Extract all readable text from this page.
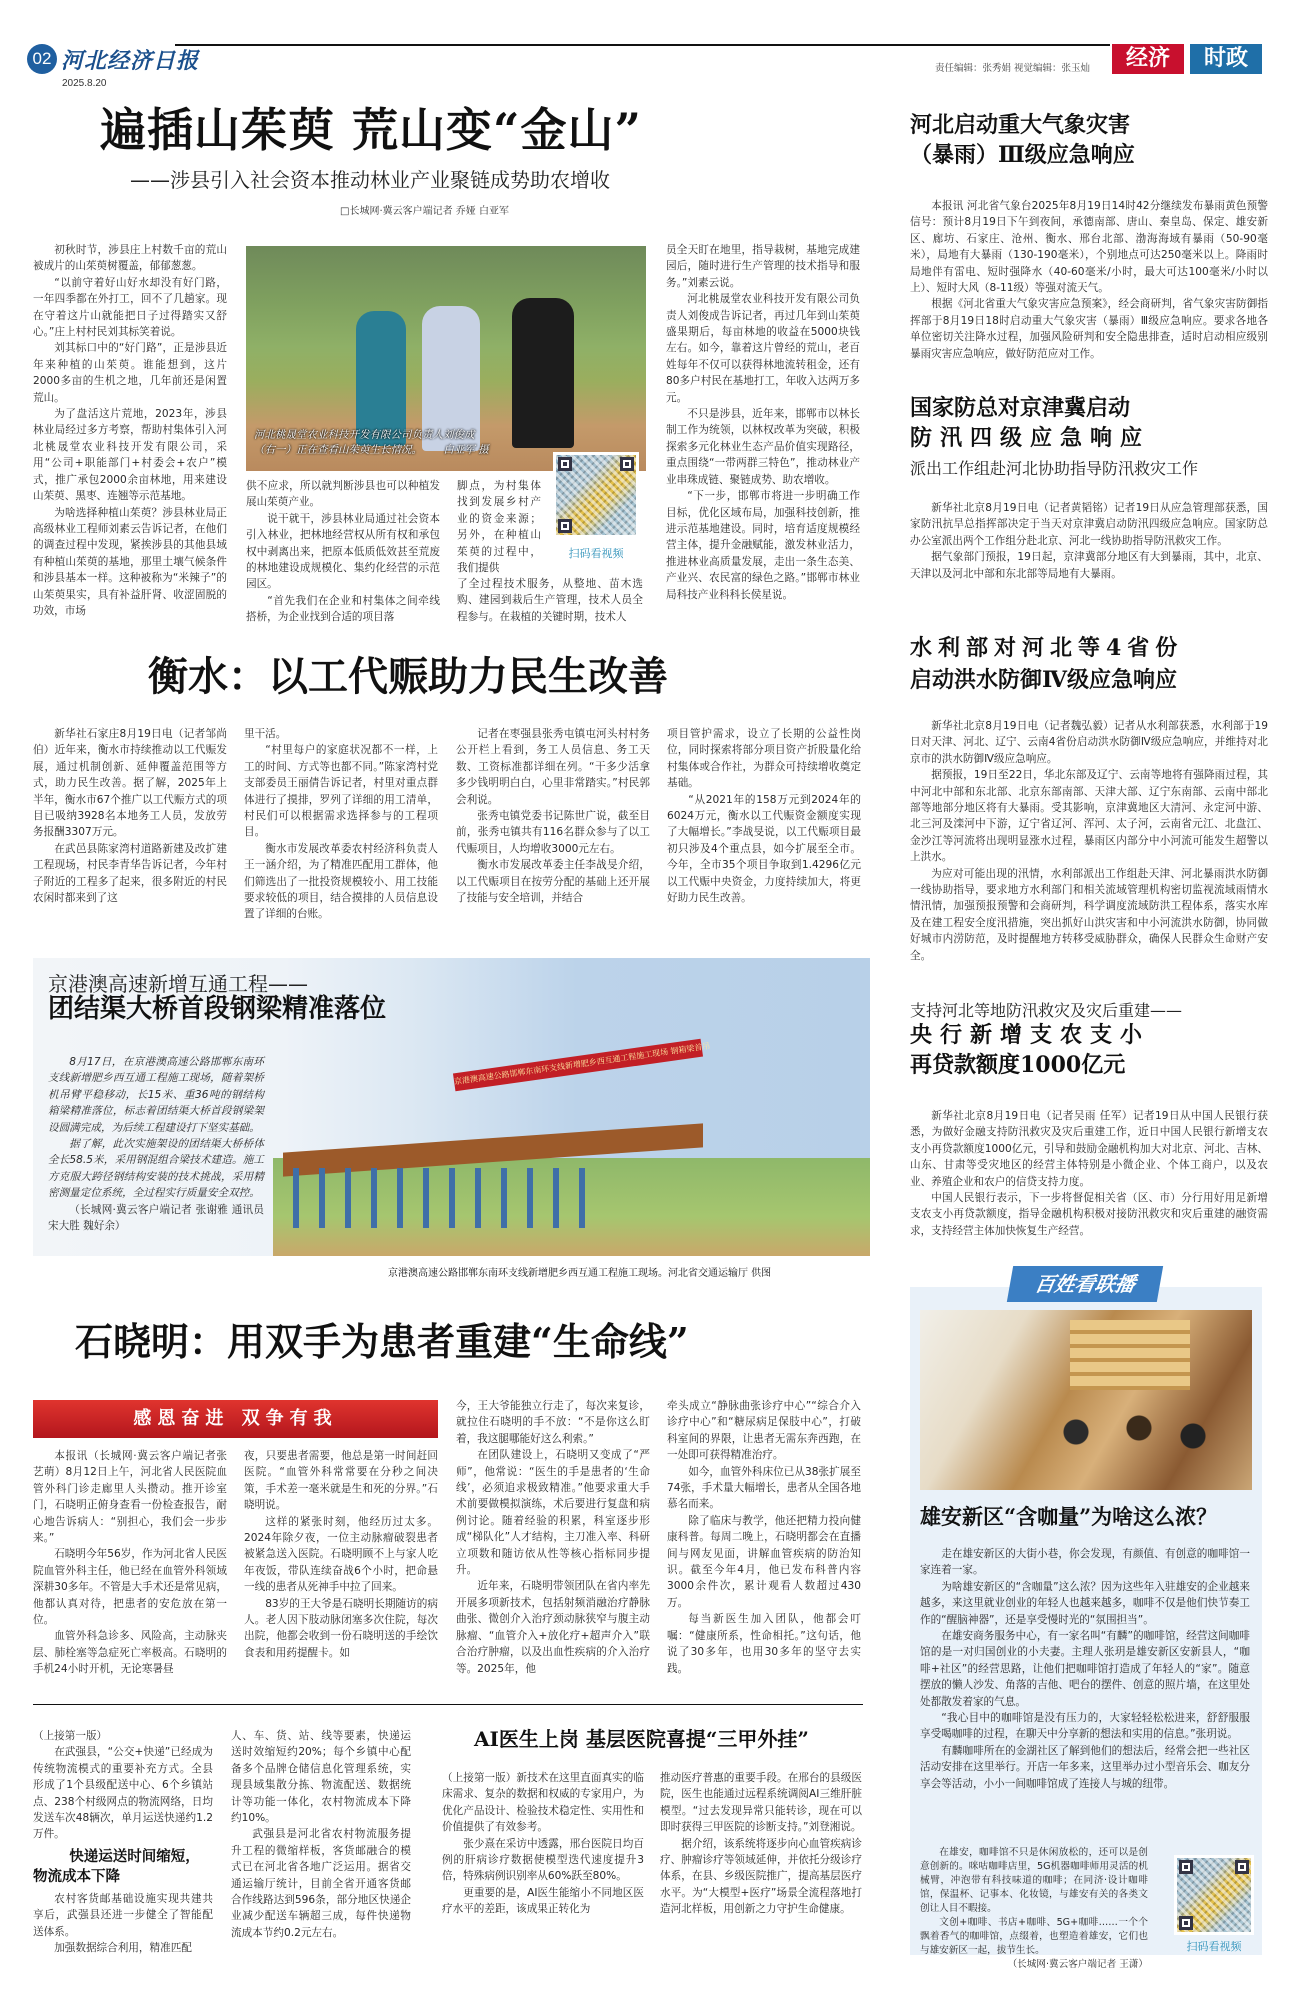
02 河北经济日报
2025.8.20
责任编辑：张秀娟 视觉编辑：张玉灿	经济	时政
遍插山茱萸 荒山变“金山”
——涉县引入社会资本推动林业产业聚链成势助农增收
□长城网·冀云客户端记者 乔娅 白亚军

初秋时节，涉县庄上村数千亩的荒山被成片的山茱萸树覆盖，郁郁葱葱。

“以前守着好山好水却没有好门路，一年四季都在外打工，回不了几趟家。现在守着这片山就能把日子过得踏实又舒心。”庄上村村民刘其标笑着说。

刘其标口中的“好门路”，正是涉县近年来种植的山茱萸。谁能想到，这片2000多亩的生机之地，几年前还是闲置荒山。

为了盘活这片荒地，2023年，涉县林业局经过多方考察，帮助村集体引入河北桃晟堂农业科技开发有限公司，采用“公司+职能部门+村委会+农户”模式，推广承包2000余亩林地，用来建设山茱萸、黑枣、连翘等示范基地。

为啥选择种植山茱萸？涉县林业局正高级林业工程师刘素云告诉记者，在他们的调查过程中发现，紧挨涉县的其他县域有种植山茱萸的基地，那里土壤气候条件和涉县基本一样。这种被称为“米辣子”的山茱萸果实，具有补益肝肾、收涩固脱的功效，市场

河北桃晟堂农业科技开发有限公司负责人刘俊成
（右一）正在查看山茱萸生长情况。 白亚军 摄
扫码看视频

供不应求，所以就判断涉县也可以种植发展山茱萸产业。

说干就干，涉县林业局通过社会资本引入林业，把林地经营权从所有权和承包权中剥离出来，把原本低质低效甚至荒废的林地建设成规模化、集约化经营的示范园区。

“首先我们在企业和村集体之间牵线搭桥，为企业找到合适的项目落

脚点，为村集体找到发展乡村产业的资金来源；另外，在种植山茱萸的过程中，我们提供

了全过程技术服务，从整地、苗木选购、建园到栽后生产管理，技术人员全程参与。在栽植的关键时期，技术人

员全天盯在地里，指导栽树，基地完成建园后，随时进行生产管理的技术指导和服务。”刘素云说。

河北桃晟堂农业科技开发有限公司负责人刘俊成告诉记者，再过几年到山茱萸盛果期后，每亩林地的收益在5000块钱左右。如今，靠着这片曾经的荒山，老百姓每年不仅可以获得林地流转租金，还有80多户村民在基地打工，年收入达两万多元。

不只是涉县，近年来，邯郸市以林长制工作为统领，以林权改革为突破，积极探索多元化林业生态产品价值实现路径，重点围绕“一带两群三特色”，推动林业产业串珠成链、聚链成势、助农增收。

“下一步，邯郸市将进一步明确工作目标，优化区域布局，加强科技创新，推进示范基地建设。同时，培育适度规模经营主体，提升金融赋能，激发林业活力，推进林业高质量发展，走出一条生态美、产业兴、农民富的绿色之路。”邯郸市林业局科技产业科科长侯星说。

衡水：以工代赈助力民生改善

新华社石家庄8月19日电（记者邹尚伯）近年来，衡水市持续推动以工代赈发展，通过机制创新、延伸覆盖范围等方式，助力民生改善。据了解，2025年上半年，衡水市67个推广以工代赈方式的项目已吸纳3928名本地务工人员，发放劳务报酬3307万元。

在武邑县陈家湾村道路新建及改扩建工程现场，村民李青华告诉记者，今年村子附近的工程多了起来，很多附近的村民农闲时都来到了这

里干活。

“村里每户的家庭状况都不一样，上工的时间、方式等也都不同。”陈家湾村党支部委员王丽倩告诉记者，村里对重点群体进行了摸排，罗列了详细的用工清单，村民们可以根据需求选择参与的工程项目。

衡水市发展改革委农村经济科负责人王一涵介绍，为了精准匹配用工群体，他们筛选出了一批投资规模较小、用工技能要求较低的项目，结合摸排的人员信息设置了详细的台账。

记者在枣强县张秀屯镇屯河头村村务公开栏上看到，务工人员信息、务工天数、工资标准都详细在列。“干多少活拿多少钱明明白白，心里非常踏实。”村民郭会利说。

张秀屯镇党委书记陈世广说，截至目前，张秀屯镇共有116名群众参与了以工代赈项目，人均增收3000元左右。

衡水市发展改革委主任李战旻介绍，以工代赈项目在按劳分配的基础上还开展了技能与安全培训，并结合

项目管护需求，设立了长期的公益性岗位，同时探索将部分项目资产折股量化给村集体或合作社，为群众可持续增收奠定基础。

“从2021年的158万元到2024年的6024万元，衡水以工代赈资金额度实现了大幅增长。”李战旻说，以工代赈项目最初只涉及4个重点县，如今扩展至全市。今年，全市35个项目争取到1.4296亿元以工代赈中央资金，力度持续加大，将更好助力民生改善。

京港澳高速公路邯郸东南环支线新增肥乡西互通工程施工现场 钢箱梁首吊
京港澳高速新增互通工程——
团结渠大桥首段钢梁精准落位

8月17日，在京港澳高速公路邯郸东南环支线新增肥乡西互通工程施工现场，随着架桥机吊臂平稳移动，长15米、重36吨的钢结构箱梁精准落位，标志着团结渠大桥首段钢梁架设圆满完成，为后续工程建设打下坚实基础。

据了解，此次实施架设的团结渠大桥桥体全长58.5米，采用钢混组合梁技术建造。施工方克服大跨径钢结构安装的技术挑战，采用精密测量定位系统，全过程实行质量安全双控。

（长城网·冀云客户端记者 张谢雅 通讯员 宋大胜 魏好余）

京港澳高速公路邯郸东南环支线新增肥乡西互通工程施工现场。河北省交通运输厅 供图
石晓明：用双手为患者重建“生命线”
感恩奋进 双争有我

本报讯（长城网·冀云客户端记者张艺萌）8月12日上午，河北省人民医院血管外科门诊走廊里人头攒动。推开诊室门，石晓明正俯身查看一份检查报告，耐心地告诉病人：“别担心，我们会一步步来。”

石晓明今年56岁，作为河北省人民医院血管外科主任，他已经在血管外科领域深耕30多年。不管是大手术还是常见病，他都认真对待，把患者的安危放在第一位。

血管外科急诊多、风险高，主动脉夹层、肺栓塞等急症死亡率极高。石晓明的手机24小时开机，无论寒暑昼

夜，只要患者需要，他总是第一时间赶回医院。“血管外科常常要在分秒之间决策，手术差一毫米就是生和死的分界。”石晓明说。

这样的紧张时刻，他经历过太多。2024年除夕夜，一位主动脉瘤破裂患者被紧急送入医院。石晓明顾不上与家人吃年夜饭，带队连续奋战6个小时，把命悬一线的患者从死神手中拉了回来。

83岁的王大爷是石晓明长期随访的病人。老人因下肢动脉闭塞多次住院，每次出院，他都会收到一份石晓明送的手绘饮食表和用药提醒卡。如

今，王大爷能独立行走了，每次来复诊，就拉住石晓明的手不放：“不是你这么盯着，我这腿哪能好这么利索。”

在团队建设上，石晓明又变成了“严师”，他常说：“医生的手是患者的‘生命线’，必须追求极致精准。”他要求重大手术前要做模拟演练，术后要进行复盘和病例讨论。随着经验的积累，科室逐步形成“梯队化”人才结构，主刀准入率、科研立项数和随访依从性等核心指标同步提升。

近年来，石晓明带领团队在省内率先开展多项新技术，包括射频消融治疗静脉曲张、微创介入治疗颈动脉狭窄与腹主动脉瘤、“血管介入+放化疗+超声介入”联合治疗肿瘤，以及出血性疾病的介入治疗等。2025年，他

牵头成立“静脉曲张诊疗中心”“综合介入诊疗中心”和“糖尿病足保肢中心”，打破科室间的界限，让患者无需东奔西跑，在一处即可获得精准治疗。

如今，血管外科床位已从38张扩展至74张，手术量大幅增长，患者从全国各地慕名而来。

除了临床与教学，他还把精力投向健康科普。每周二晚上，石晓明都会在直播间与网友见面，讲解血管疾病的防治知识。截至今年4月，他已发布科普内容3000余件次，累计观看人数超过430万。

每当新医生加入团队，他都会叮嘱：“健康所系，性命相托。”这句话，他说了30多年，也用30多年的坚守去实践。

（上接第一版）

在武强县，“公交+快递”已经成为传统物流模式的重要补充方式。全县形成了1个县级配送中心、6个乡镇站点、238个村级网点的物流网络，日均发送车次48辆次，单月运送快递约1.2万件。

快递运送时间缩短，物流成本下降

农村客货邮基础设施实现共建共享后，武强县还进一步健全了智能配送体系。

加强数据综合利用，精准匹配

人、车、货、站、线等要素，快递运送时效缩短约20%；每个乡镇中心配备多个品牌仓储信息化管理系统，实现县域集散分拣、物流配送、数据统计等功能一体化，农村物流成本下降约10%。

武强县是河北省农村物流服务提升工程的微缩样板，客货邮融合的模式已在河北省各地广泛运用。据省交通运输厅统计，目前全省开通客货邮合作线路达到596条，部分地区快递企业减少配送车辆超三成，每件快递物流成本节约0.2元左右。

AI医生上岗 基层医院喜提“三甲外挂”

（上接第一版）新技术在这里直面真实的临床需求、复杂的数据和权威的专家用户，为优化产品设计、检验技术稳定性、实用性和价值提供了有效参考。

张少熹在采访中透露，邢台医院日均百例的肝病诊疗数据使模型迭代速度提升3倍，特殊病例识别率从60%跃至80%。

更重要的是，AI医生能缩小不同地区医疗水平的差距，该成果正转化为

推动医疗普惠的重要手段。在邢台的县级医院，医生也能通过远程系统调阅AI三维肝脏模型。“过去发现异常只能转诊，现在可以即时获得三甲医院的诊断支持。”刘登湘说。

据介绍，该系统将逐步向心血管疾病诊疗、肿瘤诊疗等领域延伸，并依托分级诊疗体系，在县、乡级医院推广，提高基层医疗水平。为“大模型+医疗”场景全流程落地打造河北样板，用创新之力守护生命健康。

河北启动重大气象灾害
（暴雨）Ⅲ级应急响应

本报讯 河北省气象台2025年8月19日14时42分继续发布暴雨黄色预警信号：预计8月19日下午到夜间，承德南部、唐山、秦皇岛、保定、雄安新区、廊坊、石家庄、沧州、衡水、邢台北部、渤海海域有暴雨（50-90毫米），局地有大暴雨（130-190毫米），个别地点可达250毫米以上。降雨时局地伴有雷电、短时强降水（40-60毫米/小时，最大可达100毫米/小时以上）、短时大风（8-11级）等强对流天气。

根据《河北省重大气象灾害应急预案》，经会商研判，省气象灾害防御指挥部于8月19日18时启动重大气象灾害（暴雨）Ⅲ级应急响应。要求各地各单位密切关注降水过程，加强风险研判和安全隐患排查，适时启动相应级别暴雨灾害应急响应，做好防范应对工作。

国家防总对京津冀启动
防汛四级应急响应
派出工作组赴河北协助指导防汛救灾工作

新华社北京8月19日电（记者黄韬铭）记者19日从应急管理部获悉，国家防汛抗旱总指挥部决定于当天对京津冀启动防汛四级应急响应。国家防总办公室派出两个工作组分赴北京、河北一线协助指导防汛救灾工作。

据气象部门预报，19日起，京津冀部分地区有大到暴雨，其中，北京、天津以及河北中部和东北部等局地有大暴雨。

水利部对河北等4省份
启动洪水防御Ⅳ级应急响应

新华社北京8月19日电（记者魏弘毅）记者从水利部获悉，水利部于19日对天津、河北、辽宁、云南4省份启动洪水防御Ⅳ级应急响应，并维持对北京市的洪水防御Ⅳ级应急响应。

据预报，19日至22日，华北东部及辽宁、云南等地将有强降雨过程，其中河北中部和东北部、北京东部南部、天津大部、辽宁东南部、云南中部北部等地部分地区将有大暴雨。受其影响，京津冀地区大清河、永定河中游、北三河及滦河中下游，辽宁省辽河、浑河、太子河，云南省元江、北盘江、金沙江等河流将出现明显涨水过程，暴雨区内部分中小河流可能发生超警以上洪水。

为应对可能出现的汛情，水利部派出工作组赴天津、河北暴雨洪水防御一线协助指导，要求地方水利部门和相关流域管理机构密切监视流域雨情水情汛情，加强预报预警和会商研判，科学调度流域防洪工程体系，落实水库及在建工程安全度汛措施，突出抓好山洪灾害和中小河流洪水防御，协同做好城市内涝防范，及时提醒地方转移受威胁群众，确保人民群众生命财产安全。

支持河北等地防汛救灾及灾后重建——
央行新增支农支小
再贷款额度1000亿元

新华社北京8月19日电（记者吴雨 任军）记者19日从中国人民银行获悉，为做好金融支持防汛救灾及灾后重建工作，近日中国人民银行新增支农支小再贷款额度1000亿元，引导和鼓励金融机构加大对北京、河北、吉林、山东、甘肃等受灾地区的经营主体特别是小微企业、个体工商户，以及农业、养殖企业和农户的信贷支持力度。

中国人民银行表示，下一步将督促相关省（区、市）分行用好用足新增支农支小再贷款额度，指导金融机构积极对接防汛救灾和灾后重建的融资需求，支持经营主体加快恢复生产经营。

百姓看联播
雄安新区“含咖量”为啥这么浓？

走在雄安新区的大街小巷，你会发现，有颜值、有创意的咖啡馆一家连着一家。

为啥雄安新区的“含咖量”这么浓？因为这些年入驻雄安的企业越来越多，来这里就业创业的年轻人也越来越多，咖啡不仅是他们快节奏工作的“醒脑神器”，还是享受慢时光的“氛围担当”。

在雄安商务服务中心，有一家名叫“有麟”的咖啡馆，经营这间咖啡馆的是一对归国创业的小夫妻。主理人张玥是雄安新区安新县人，“咖啡+社区”的经营思路，让他们把咖啡馆打造成了年轻人的“家”。随意摆放的懒人沙发、角落的吉他、吧台的摆件、创意的照片墙，在这里处处都散发着家的气息。

“我心目中的咖啡馆是没有压力的，大家轻轻松松进来，舒舒服服享受喝咖啡的过程，在聊天中分享新的想法和实用的信息。”张玥说。

有麟咖啡所在的金湖社区了解到他们的想法后，经常会把一些社区活动安排在这里举行。开店一年多来，这里举办过小型音乐会、咖友分享会等活动，小小一间咖啡馆成了连接人与城的纽带。

在雄安，咖啡馆不只是休闲放松的，还可以是创意创新的。咪咕咖啡店里，5G机器咖啡师用灵活的机械臂，冲泡带有科技味道的咖啡；在同济·设计咖啡馆，保温杯、记事本、化妆镜，与雄安有关的各类文创让人目不暇接。

文创+咖啡、书店+咖啡、5G+咖啡……一个个飘着香气的咖啡馆，点缀着，也塑造着雄安，它们也与雄安新区一起，拔节生长。

（长城网·冀云客户端记者 王潇）

扫码看视频
